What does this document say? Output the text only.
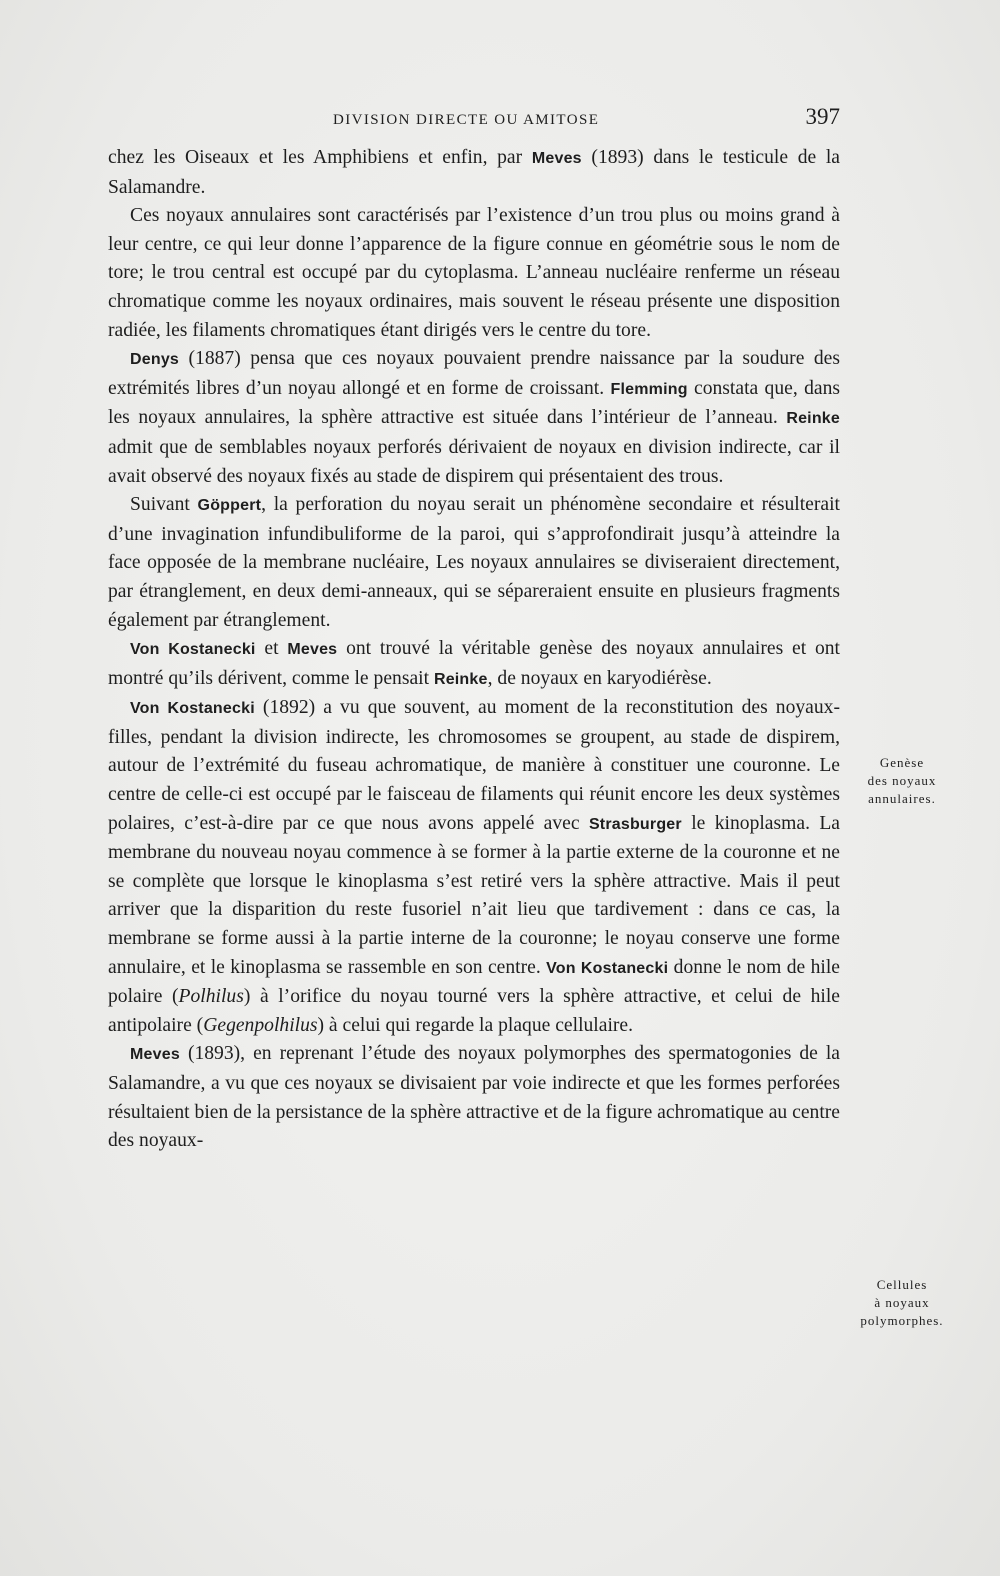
DIVISION DIRECTE OU AMITOSE	397

chez les Oiseaux et les Amphibiens et enfin, par Meves (1893) dans le testicule de la Salamandre.

Ces noyaux annulaires sont caractérisés par l’existence d’un trou plus ou moins grand à leur centre, ce qui leur donne l’apparence de la figure connue en géométrie sous le nom de tore; le trou central est occupé par du cytoplasma. L’anneau nucléaire renferme un réseau chromatique comme les noyaux ordinaires, mais souvent le réseau présente une disposition radiée, les filaments chromatiques étant dirigés vers le centre du tore.

Denys (1887) pensa que ces noyaux pouvaient prendre naissance par la soudure des extrémités libres d’un noyau allongé et en forme de croissant. Flemming constata que, dans les noyaux annulaires, la sphère attractive est située dans l’intérieur de l’anneau. Reinke admit que de semblables noyaux perforés dérivaient de noyaux en division indirecte, car il avait observé des noyaux fixés au stade de dispirem qui présentaient des trous.

Suivant Göppert, la perforation du noyau serait un phénomène secondaire et résulterait d’une invagination infundibuliforme de la paroi, qui s’approfondirait jusqu’à atteindre la face opposée de la membrane nucléaire, Les noyaux annulaires se diviseraient directement, par étranglement, en deux demi-anneaux, qui se sépareraient ensuite en plusieurs fragments également par étranglement.

Von Kostanecki et Meves ont trouvé la véritable genèse des noyaux annulaires et ont montré qu’ils dérivent, comme le pensait Reinke, de noyaux en karyodiérèse.

Von Kostanecki (1892) a vu que souvent, au moment de la reconstitution des noyaux-filles, pendant la division indirecte, les chromosomes se groupent, au stade de dispirem, autour de l’extrémité du fuseau achromatique, de manière à constituer une couronne. Le centre de celle-ci est occupé par le faisceau de filaments qui réunit encore les deux systèmes polaires, c’est-à-dire par ce que nous avons appelé avec Strasburger le kinoplasma. La membrane du nouveau noyau commence à se former à la partie externe de la couronne et ne se complète que lorsque le kinoplasma s’est retiré vers la sphère attractive. Mais il peut arriver que la disparition du reste fusoriel n’ait lieu que tardivement : dans ce cas, la membrane se forme aussi à la partie interne de la couronne; le noyau conserve une forme annulaire, et le kinoplasma se rassemble en son centre. Von Kostanecki donne le nom de hile polaire (Polhilus) à l’orifice du noyau tourné vers la sphère attractive, et celui de hile antipolaire (Gegenpolhilus) à celui qui regarde la plaque cellulaire.

Meves (1893), en reprenant l’étude des noyaux polymorphes des spermatogonies de la Salamandre, a vu que ces noyaux se divisaient par voie indirecte et que les formes perforées résultaient bien de la persistance de la sphère attractive et de la figure achromatique au centre des noyaux-

Genèse
des noyaux
annulaires.
Cellules
à noyaux
polymorphes.
